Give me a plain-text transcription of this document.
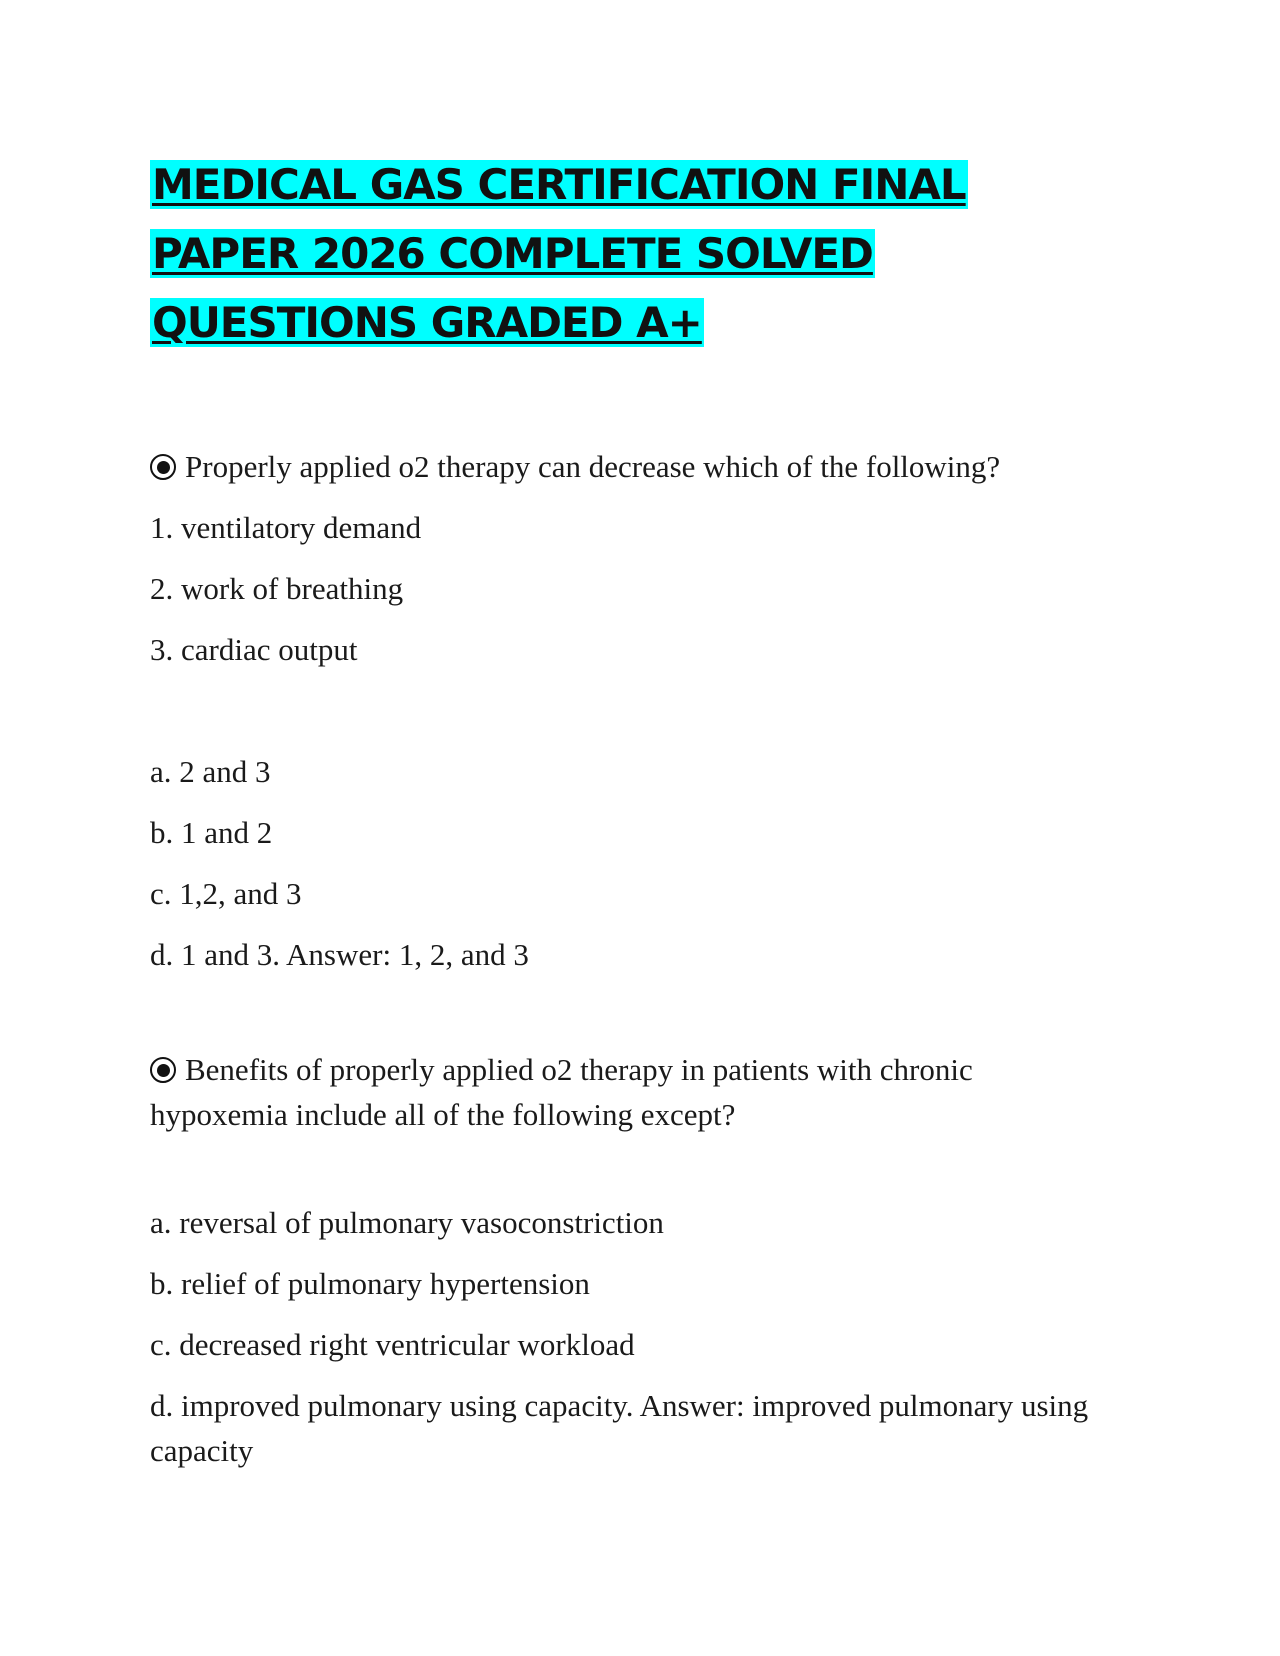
MEDICAL GAS CERTIFICATION FINAL PAPER 2026 COMPLETE SOLVED QUESTIONS GRADED A+
Properly applied o2 therapy can decrease which of the following?
1. ventilatory demand
2. work of breathing
3. cardiac output
a. 2 and 3
b. 1 and 2
c. 1,2, and 3
d. 1 and 3. Answer: 1, 2, and 3
Benefits of properly applied o2 therapy in patients with chronic hypoxemia include all of the following except?
a. reversal of pulmonary vasoconstriction
b. relief of pulmonary hypertension
c. decreased right ventricular workload
d. improved pulmonary using capacity. Answer: improved pulmonary using capacity
